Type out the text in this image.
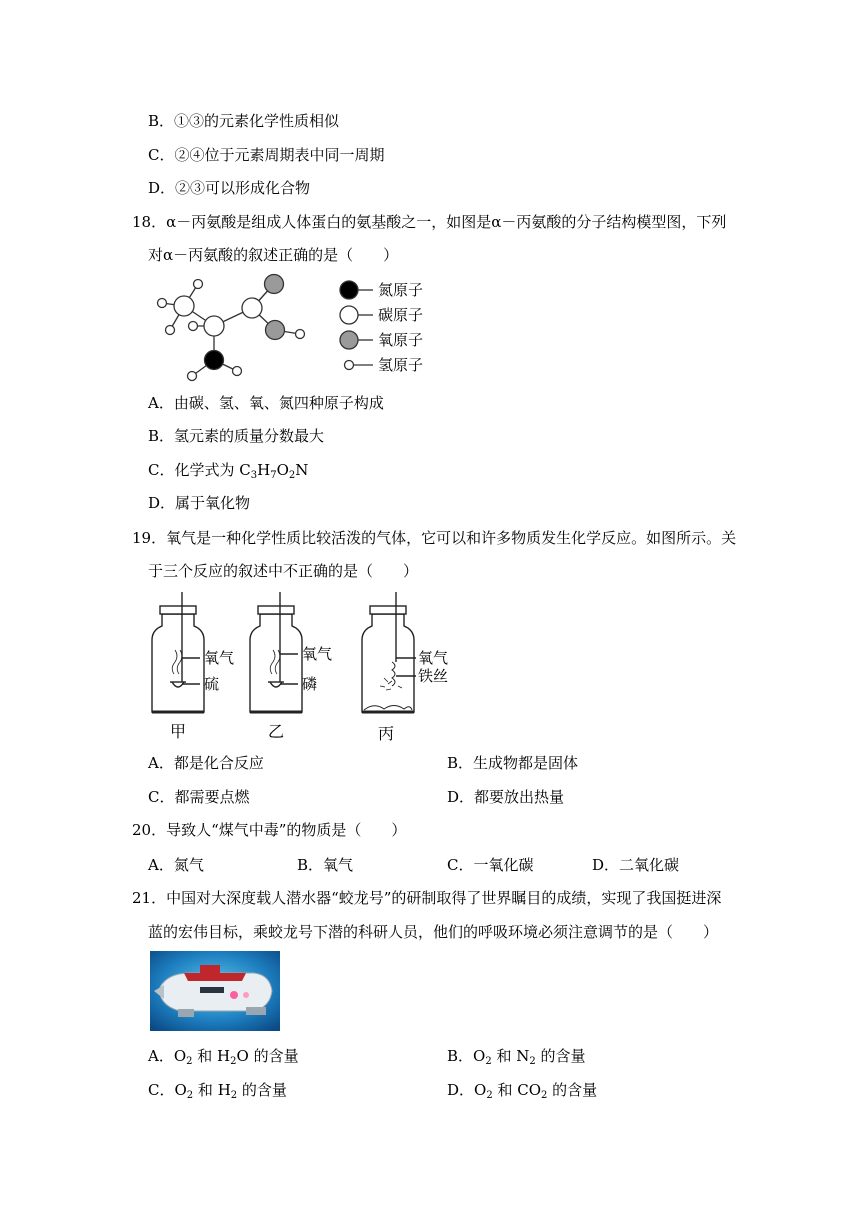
B．①③的元素化学性质相似
C．②④位于元素周期表中同一周期
D．②③可以形成化合物
18．α－丙氨酸是组成人体蛋白的氨基酸之一，如图是α－丙氨酸的分子结构模型图，下列
对α－丙氨酸的叙述正确的是（　　）
氮原子
碳原子
氧原子
氢原子
A．由碳、氢、氧、氮四种原子构成
B．氢元素的质量分数最大
C．化学式为 $C_3H_7O_2N$
D．属于氧化物
19．氧气是一种化学性质比较活泼的气体，它可以和许多物质发生化学反应。如图所示。关
于三个反应的叙述中不正确的是（　　）
氧气
硫
氧气
磷
氧气
铁丝
甲	乙	丙
A．都是化合反应	B．生成物都是固体
C．都需要点燃	D．都要放出热量
20．导致人“煤气中毒”的物质是（　　）
A．氮气	B．氧气	C．一氧化碳	D．二氧化碳
21．中国对大深度载人潜水器“蛟龙号”的研制取得了世界瞩目的成绩，实现了我国挺进深
蓝的宏伟目标，乘蛟龙号下潜的科研人员，他们的呼吸环境必须注意调节的是（　　）
A．$O_2$ 和 $H_2O$ 的含量	B．$O_2$ 和 $N_2$ 的含量
C．$O_2$ 和 $H_2$ 的含量	D．$O_2$ 和 $CO_2$ 的含量
